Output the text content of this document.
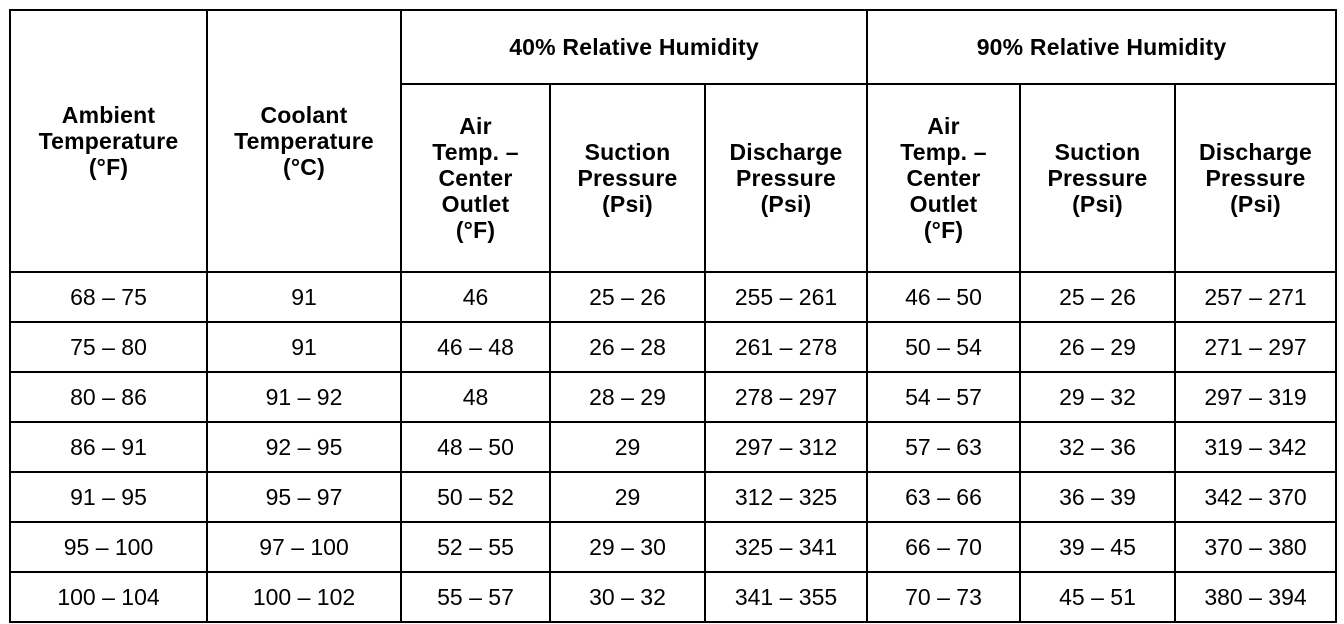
Ambient
Temperature
(°F)	Coolant
Temperature
(°C)	40% Relative Humidity			90% Relative Humidity		

		Air
Temp. –
Center
Outlet
(°F)	Suction
Pressure
(Psi)	Discharge
Pressure
(Psi)	Air
Temp. –
Center
Outlet
(°F)	Suction
Pressure
(Psi)	Discharge
Pressure
(Psi)

68 – 75	91	46	25 – 26	255 – 261	46 – 50	25 – 26	257 – 271
75 – 80	91	46 – 48	26 – 28	261 – 278	50 – 54	26 – 29	271 – 297
80 – 86	91 – 92	48	28 – 29	278 – 297	54 – 57	29 – 32	297 – 319
86 – 91	92 – 95	48 – 50	29	297 – 312	57 – 63	32 – 36	319 – 342
91 – 95	95 – 97	50 – 52	29	312 – 325	63 – 66	36 – 39	342 – 370
95 – 100	97 – 100	52 – 55	29 – 30	325 – 341	66 – 70	39 – 45	370 – 380
100 – 104	100 – 102	55 – 57	30 – 32	341 – 355	70 – 73	45 – 51	380 – 394
